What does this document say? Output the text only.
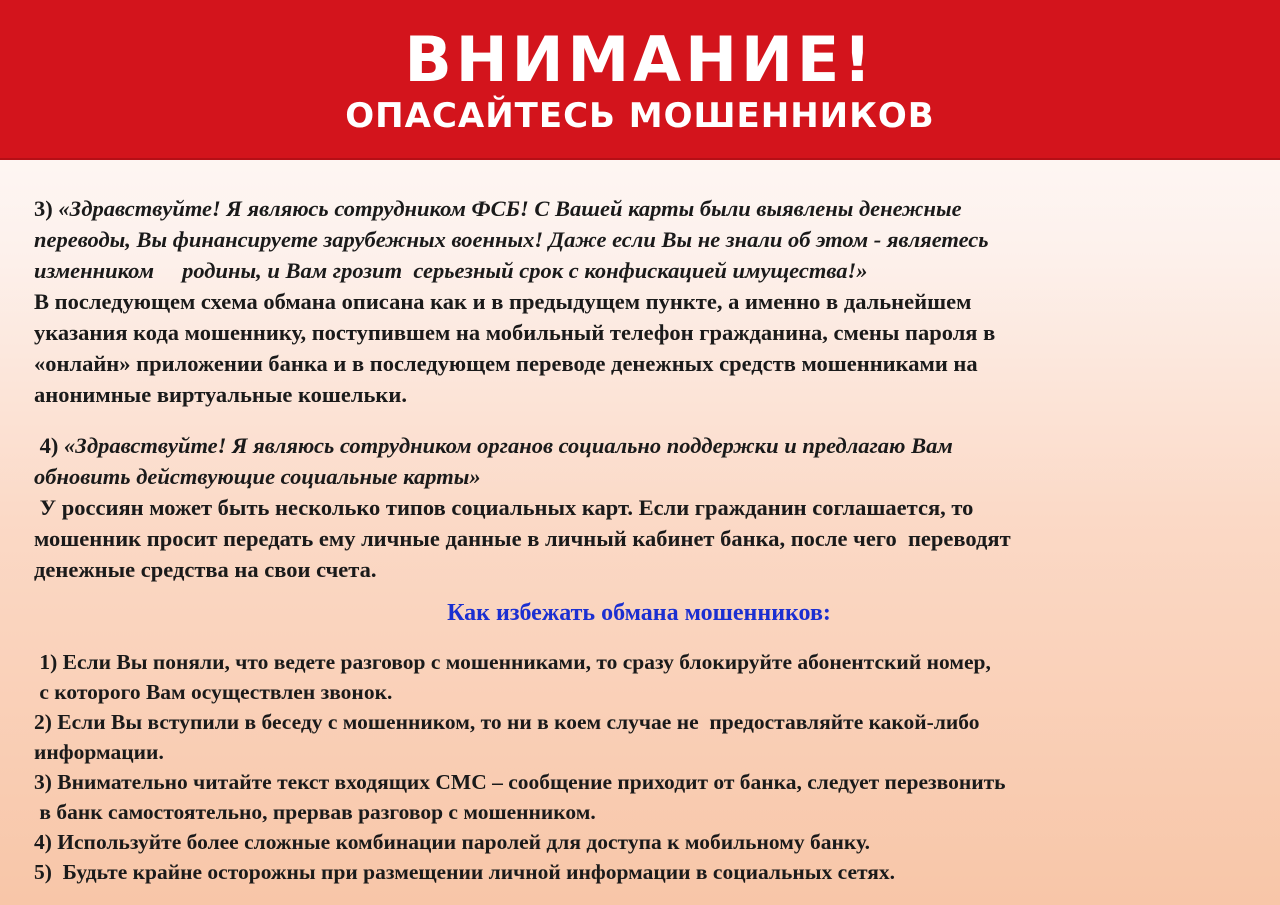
ВНИМАНИЕ!
ОПАСАЙТЕСЬ МОШЕННИКОВ
3) «Здравствуйте! Я являюсь сотрудником ФСБ! С Вашей карты были выявлены денежные
переводы, Вы финансируете зарубежных военных! Даже если Вы не знали об этом - являетесь
изменником     родины, и Вам грозит  серьезный срок с конфискацией имущества!»
В последующем схема обмана описана как и в предыдущем пункте, а именно в дальнейшем
указания кода мошеннику, поступившем на мобильный телефон гражданина, смены пароля в
«онлайн» приложении банка и в последующем переводе денежных средств мошенниками на
анонимные виртуальные кошельки.
4) «Здравствуйте! Я являюсь сотрудником органов социально поддержки и предлагаю Вам
обновить действующие социальные карты»
У россиян может быть несколько типов социальных карт. Если гражданин соглашается, то
мошенник просит передать ему личные данные в личный кабинет банка, после чего  переводят
денежные средства на свои счета.
Как избежать обмана мошенников:
1) Если Вы поняли, что ведете разговор с мошенниками, то сразу блокируйте абонентский номер,
с которого Вам осуществлен звонок.
2) Если Вы вступили в беседу с мошенником, то ни в коем случае не  предоставляйте какой-либо
информации.
3) Внимательно читайте текст входящих СМС – сообщение приходит от банка, следует перезвонить
в банк самостоятельно, прервав разговор с мошенником.
4) Используйте более сложные комбинации паролей для доступа к мобильному банку.
5)  Будьте крайне осторожны при размещении личной информации в социальных сетях.
